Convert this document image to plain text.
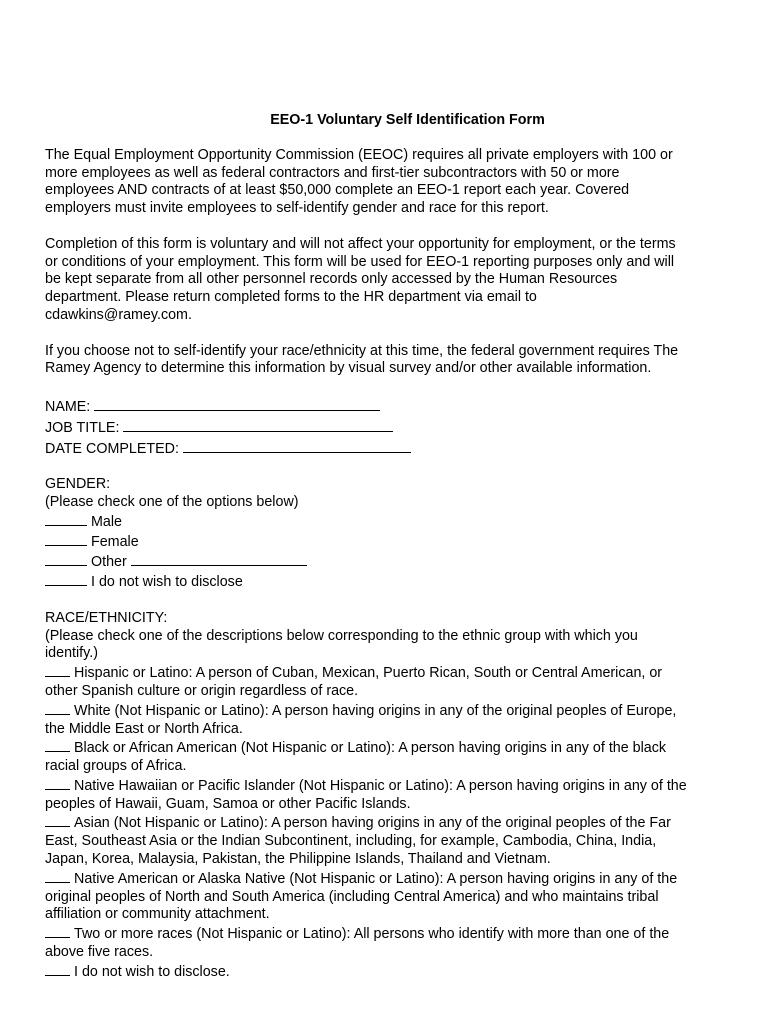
EEO-1 Voluntary Self Identification Form
The Equal Employment Opportunity Commission (EEOC) requires all private employers with 100 or
more employees as well as federal contractors and first-tier subcontractors with 50 or more
employees AND contracts of at least $50,000 complete an EEO-1 report each year. Covered
employers must invite employees to self-identify gender and race for this report.
Completion of this form is voluntary and will not affect your opportunity for employment, or the terms
or conditions of your employment. This form will be used for EEO-1 reporting purposes only and will
be kept separate from all other personnel records only accessed by the Human Resources
department. Please return completed forms to the HR department via email to
cdawkins@ramey.com.
If you choose not to self-identify your race/ethnicity at this time, the federal government requires The
Ramey Agency to determine this information by visual survey and/or other available information.
NAME:
JOB TITLE:
DATE COMPLETED:
GENDER:
(Please check one of the options below)
Male
Female
Other
I do not wish to disclose
RACE/ETHNICITY:
(Please check one of the descriptions below corresponding to the ethnic group with which you
identify.)
Hispanic or Latino: A person of Cuban, Mexican, Puerto Rican, South or Central American, or
other Spanish culture or origin regardless of race.
White (Not Hispanic or Latino): A person having origins in any of the original peoples of Europe,
the Middle East or North Africa.
Black or African American (Not Hispanic or Latino): A person having origins in any of the black
racial groups of Africa.
Native Hawaiian or Pacific Islander (Not Hispanic or Latino): A person having origins in any of the
peoples of Hawaii, Guam, Samoa or other Pacific Islands.
Asian (Not Hispanic or Latino): A person having origins in any of the original peoples of the Far
East, Southeast Asia or the Indian Subcontinent, including, for example, Cambodia, China, India,
Japan, Korea, Malaysia, Pakistan, the Philippine Islands, Thailand and Vietnam.
Native American or Alaska Native (Not Hispanic or Latino): A person having origins in any of the
original peoples of North and South America (including Central America) and who maintains tribal
affiliation or community attachment.
Two or more races (Not Hispanic or Latino): All persons who identify with more than one of the
above five races.
I do not wish to disclose.
